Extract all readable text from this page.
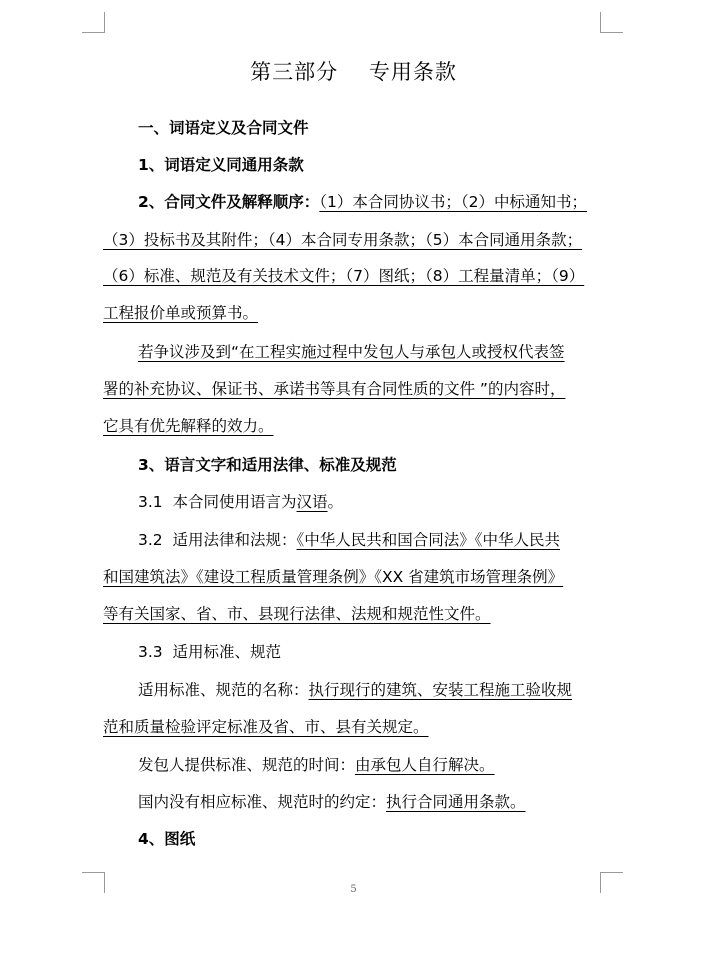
第三部分    专用条款
一、词语定义及合同文件
1、词语定义同通用条款
2、合同文件及解释顺序：（1）本合同协议书；（2）中标通知书；
（3）投标书及其附件；（4）本合同专用条款；（5）本合同通用条款；
（6）标准、规范及有关技术文件；（7）图纸；（8）工程量清单；（9）
工程报价单或预算书。
若争议涉及到“在工程实施过程中发包人与承包人或授权代表签
署的补充协议、保证书、承诺书等具有合同性质的文件 ”的内容时，
它具有优先解释的效力。
3、语言文字和适用法律、标准及规范
3.1  本合同使用语言为汉语。
3.2  适用法律和法规：《中华人民共和国合同法》《中华人民共
和国建筑法》《建设工程质量管理条例》《XX 省建筑市场管理条例》
等有关国家、省、市、县现行法律、法规和规范性文件。
3.3  适用标准、规范
适用标准、规范的名称：执行现行的建筑、安装工程施工验收规
范和质量检验评定标准及省、市、县有关规定。
发包人提供标准、规范的时间：由承包人自行解决。
国内没有相应标准、规范时的约定：执行合同通用条款。
4、图纸
5
